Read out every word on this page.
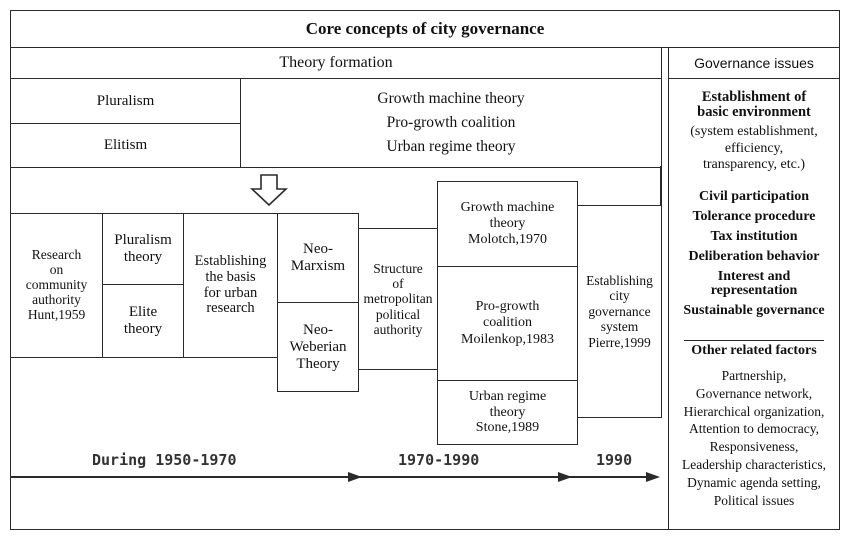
Core concepts of city governance
Theory formation
Pluralism
Elitism
Growth machine theory
Pro-growth coalition
Urban regime theory
Research
on
community
authority
Hunt,1959
Pluralism
theory
Elite
theory
Establishing
the basis
for urban
research
Neo-
Marxism
Neo-
Weberian
Theory
Structure
of
metropolitan
political
authority
Growth machine
theory
Molotch,1970
Pro-growth
coalition
Moilenkop,1983
Urban regime
theory
Stone,1989
Establishing
city
governance
system
Pierre,1999
During 1950-1970	1970-1990	1990
Governance issues
Establishment of
basic environment
(system establishment,
efficiency,
transparency, etc.)
Civil participation
Tolerance procedure
Tax institution
Deliberation behavior
Interest and
representation
Sustainable governance
Other related factors
Partnership,
Governance network,
Hierarchical organization,
Attention to democracy,
Responsiveness,
Leadership characteristics,
Dynamic agenda setting,
Political issues
